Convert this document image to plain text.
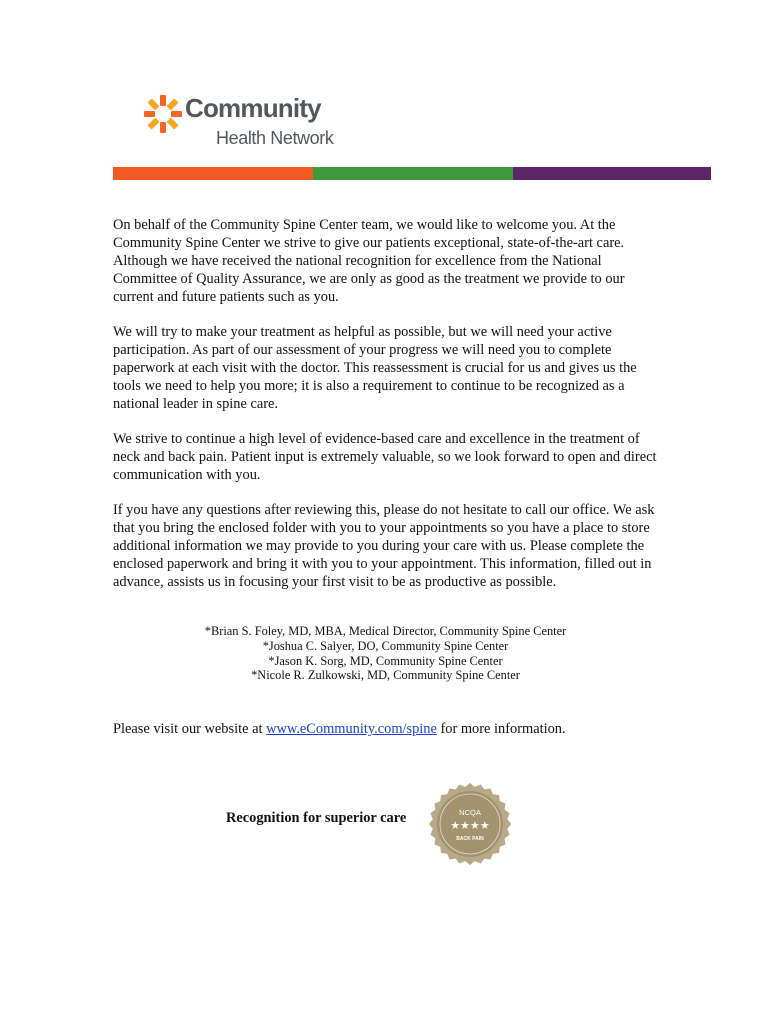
Community
Health Network

On behalf of the Community Spine Center team, we would like to welcome you. At the Community Spine Center we strive to give our patients exceptional, state-of-the-art care. Although we have received the national recognition for excellence from the National Committee of Quality Assurance, we are only as good as the treatment we provide to our current and future patients such as you.

We will try to make your treatment as helpful as possible, but we will need your active participation. As part of our assessment of your progress we will need you to complete paperwork at each visit with the doctor. This reassessment is crucial for us and gives us the tools we need to help you more; it is also a requirement to continue to be recognized as a national leader in spine care.

We strive to continue a high level of evidence-based care and excellence in the treatment of neck and back pain. Patient input is extremely valuable, so we look forward to open and direct communication with you.

If you have any questions after reviewing this, please do not hesitate to call our office. We ask that you bring the enclosed folder with you to your appointments so you have a place to store additional information we may provide to you during your care with us. Please complete the enclosed paperwork and bring it with you to your appointment. This information, filled out in advance, assists us in focusing your first visit to be as productive as possible.

*Brian S. Foley, MD, MBA, Medical Director, Community Spine Center
*Joshua C. Salyer, DO, Community Spine Center
*Jason K. Sorg, MD, Community Spine Center
*Nicole R. Zulkowski, MD, Community Spine Center
Please visit our website at www.eCommunity.com/spine for more information.
Recognition for superior care	NCQA
★★★★
BACK PAIN
